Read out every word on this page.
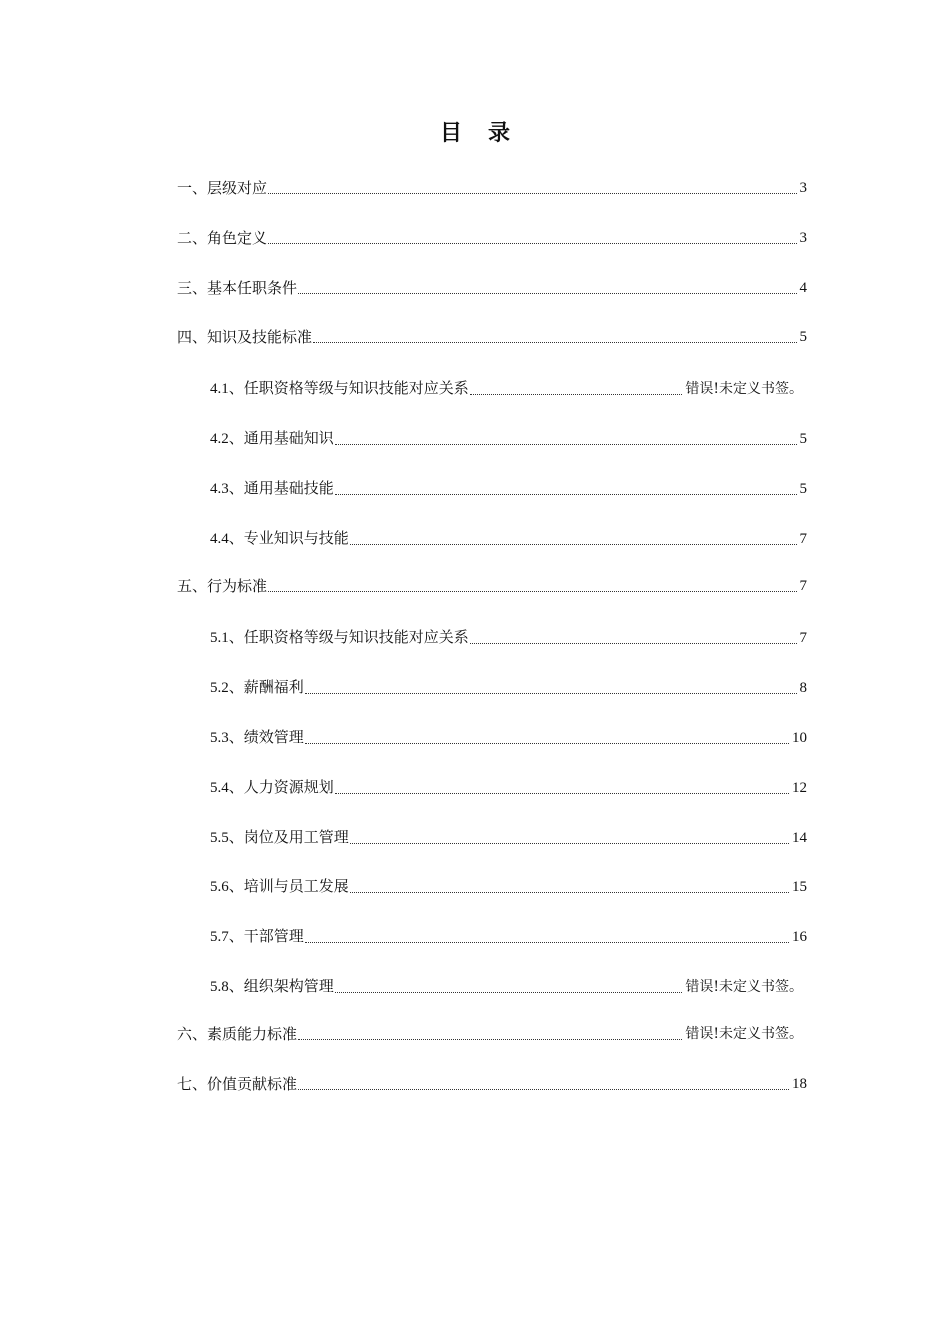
目 录
一、层级对应	3
二、角色定义	3
三、基本任职条件	4
四、知识及技能标准	5
4.1、任职资格等级与知识技能对应关系	错误!未定义书签。
4.2、通用基础知识	5
4.3、通用基础技能	5
4.4、专业知识与技能	7
五、行为标准	7
5.1、任职资格等级与知识技能对应关系	7
5.2、薪酬福利	8
5.3、绩效管理	10
5.4、人力资源规划	12
5.5、岗位及用工管理	14
5.6、培训与员工发展	15
5.7、干部管理	16
5.8、组织架构管理	错误!未定义书签。
六、素质能力标准	错误!未定义书签。
七、价值贡献标准	18
